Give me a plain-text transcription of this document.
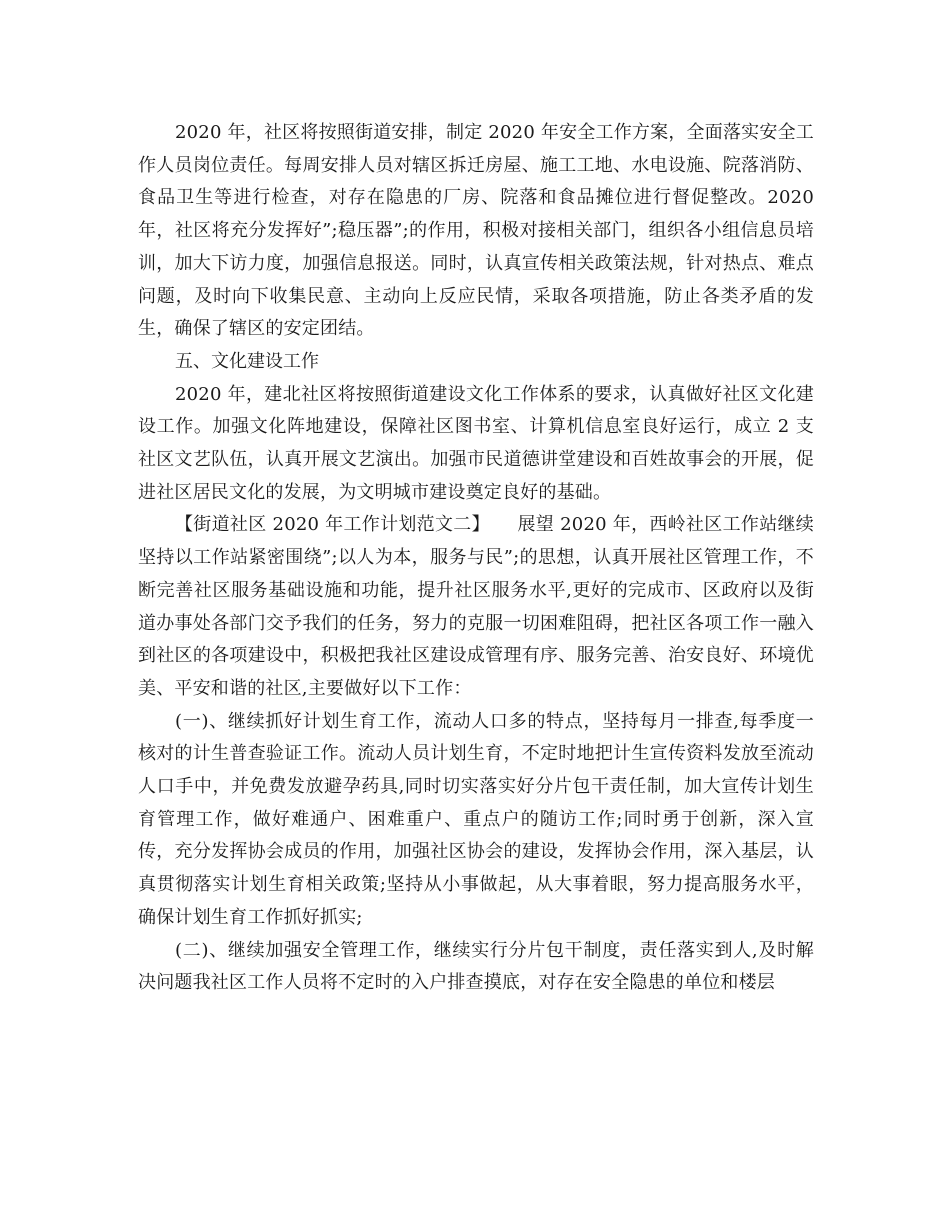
2020 年，社区将按照街道安排，制定 2020 年安全工作方案，全面落实安全工作人员岗位责任。每周安排人员对辖区拆迁房屋、施工工地、水电设施、院落消防、食品卫生等进行检查，对存在隐患的厂房、院落和食品摊位进行督促整改。2020 年，社区将充分发挥好”;稳压器”;的作用，积极对接相关部门，组织各小组信息员培训，加大下访力度，加强信息报送。同时，认真宣传相关政策法规，针对热点、难点问题，及时向下收集民意、主动向上反应民情，采取各项措施，防止各类矛盾的发生，确保了辖区的安定团结。

五、文化建设工作

2020 年，建北社区将按照街道建设文化工作体系的要求，认真做好社区文化建设工作。加强文化阵地建设，保障社区图书室、计算机信息室良好运行，成立 2 支社区文艺队伍，认真开展文艺演出。加强市民道德讲堂建设和百姓故事会的开展，促进社区居民文化的发展，为文明城市建设奠定良好的基础。

【街道社区 2020 年工作计划范文二】　　展望 2020 年，西岭社区工作站继续坚持以工作站紧密围绕”;以人为本，服务与民”;的思想，认真开展社区管理工作，不断完善社区服务基础设施和功能，提升社区服务水平,更好的完成市、区政府以及街道办事处各部门交予我们的任务，努力的克服一切困难阻碍，把社区各项工作一融入到社区的各项建设中，积极把我社区建设成管理有序、服务完善、治安良好、环境优美、平安和谐的社区,主要做好以下工作：

(一)、继续抓好计划生育工作，流动人口多的特点，坚持每月一排查,每季度一核对的计生普查验证工作。流动人员计划生育，不定时地把计生宣传资料发放至流动人口手中，并免费发放避孕药具,同时切实落实好分片包干责任制，加大宣传计划生育管理工作，做好难通户、困难重户、重点户的随访工作;同时勇于创新，深入宣传，充分发挥协会成员的作用，加强社区协会的建设，发挥协会作用，深入基层，认真贯彻落实计划生育相关政策;坚持从小事做起，从大事着眼，努力提高服务水平，确保计划生育工作抓好抓实;

(二)、继续加强安全管理工作，继续实行分片包干制度，责任落实到人,及时解决问题我社区工作人员将不定时的入户排查摸底，对存在安全隐患的单位和楼层
